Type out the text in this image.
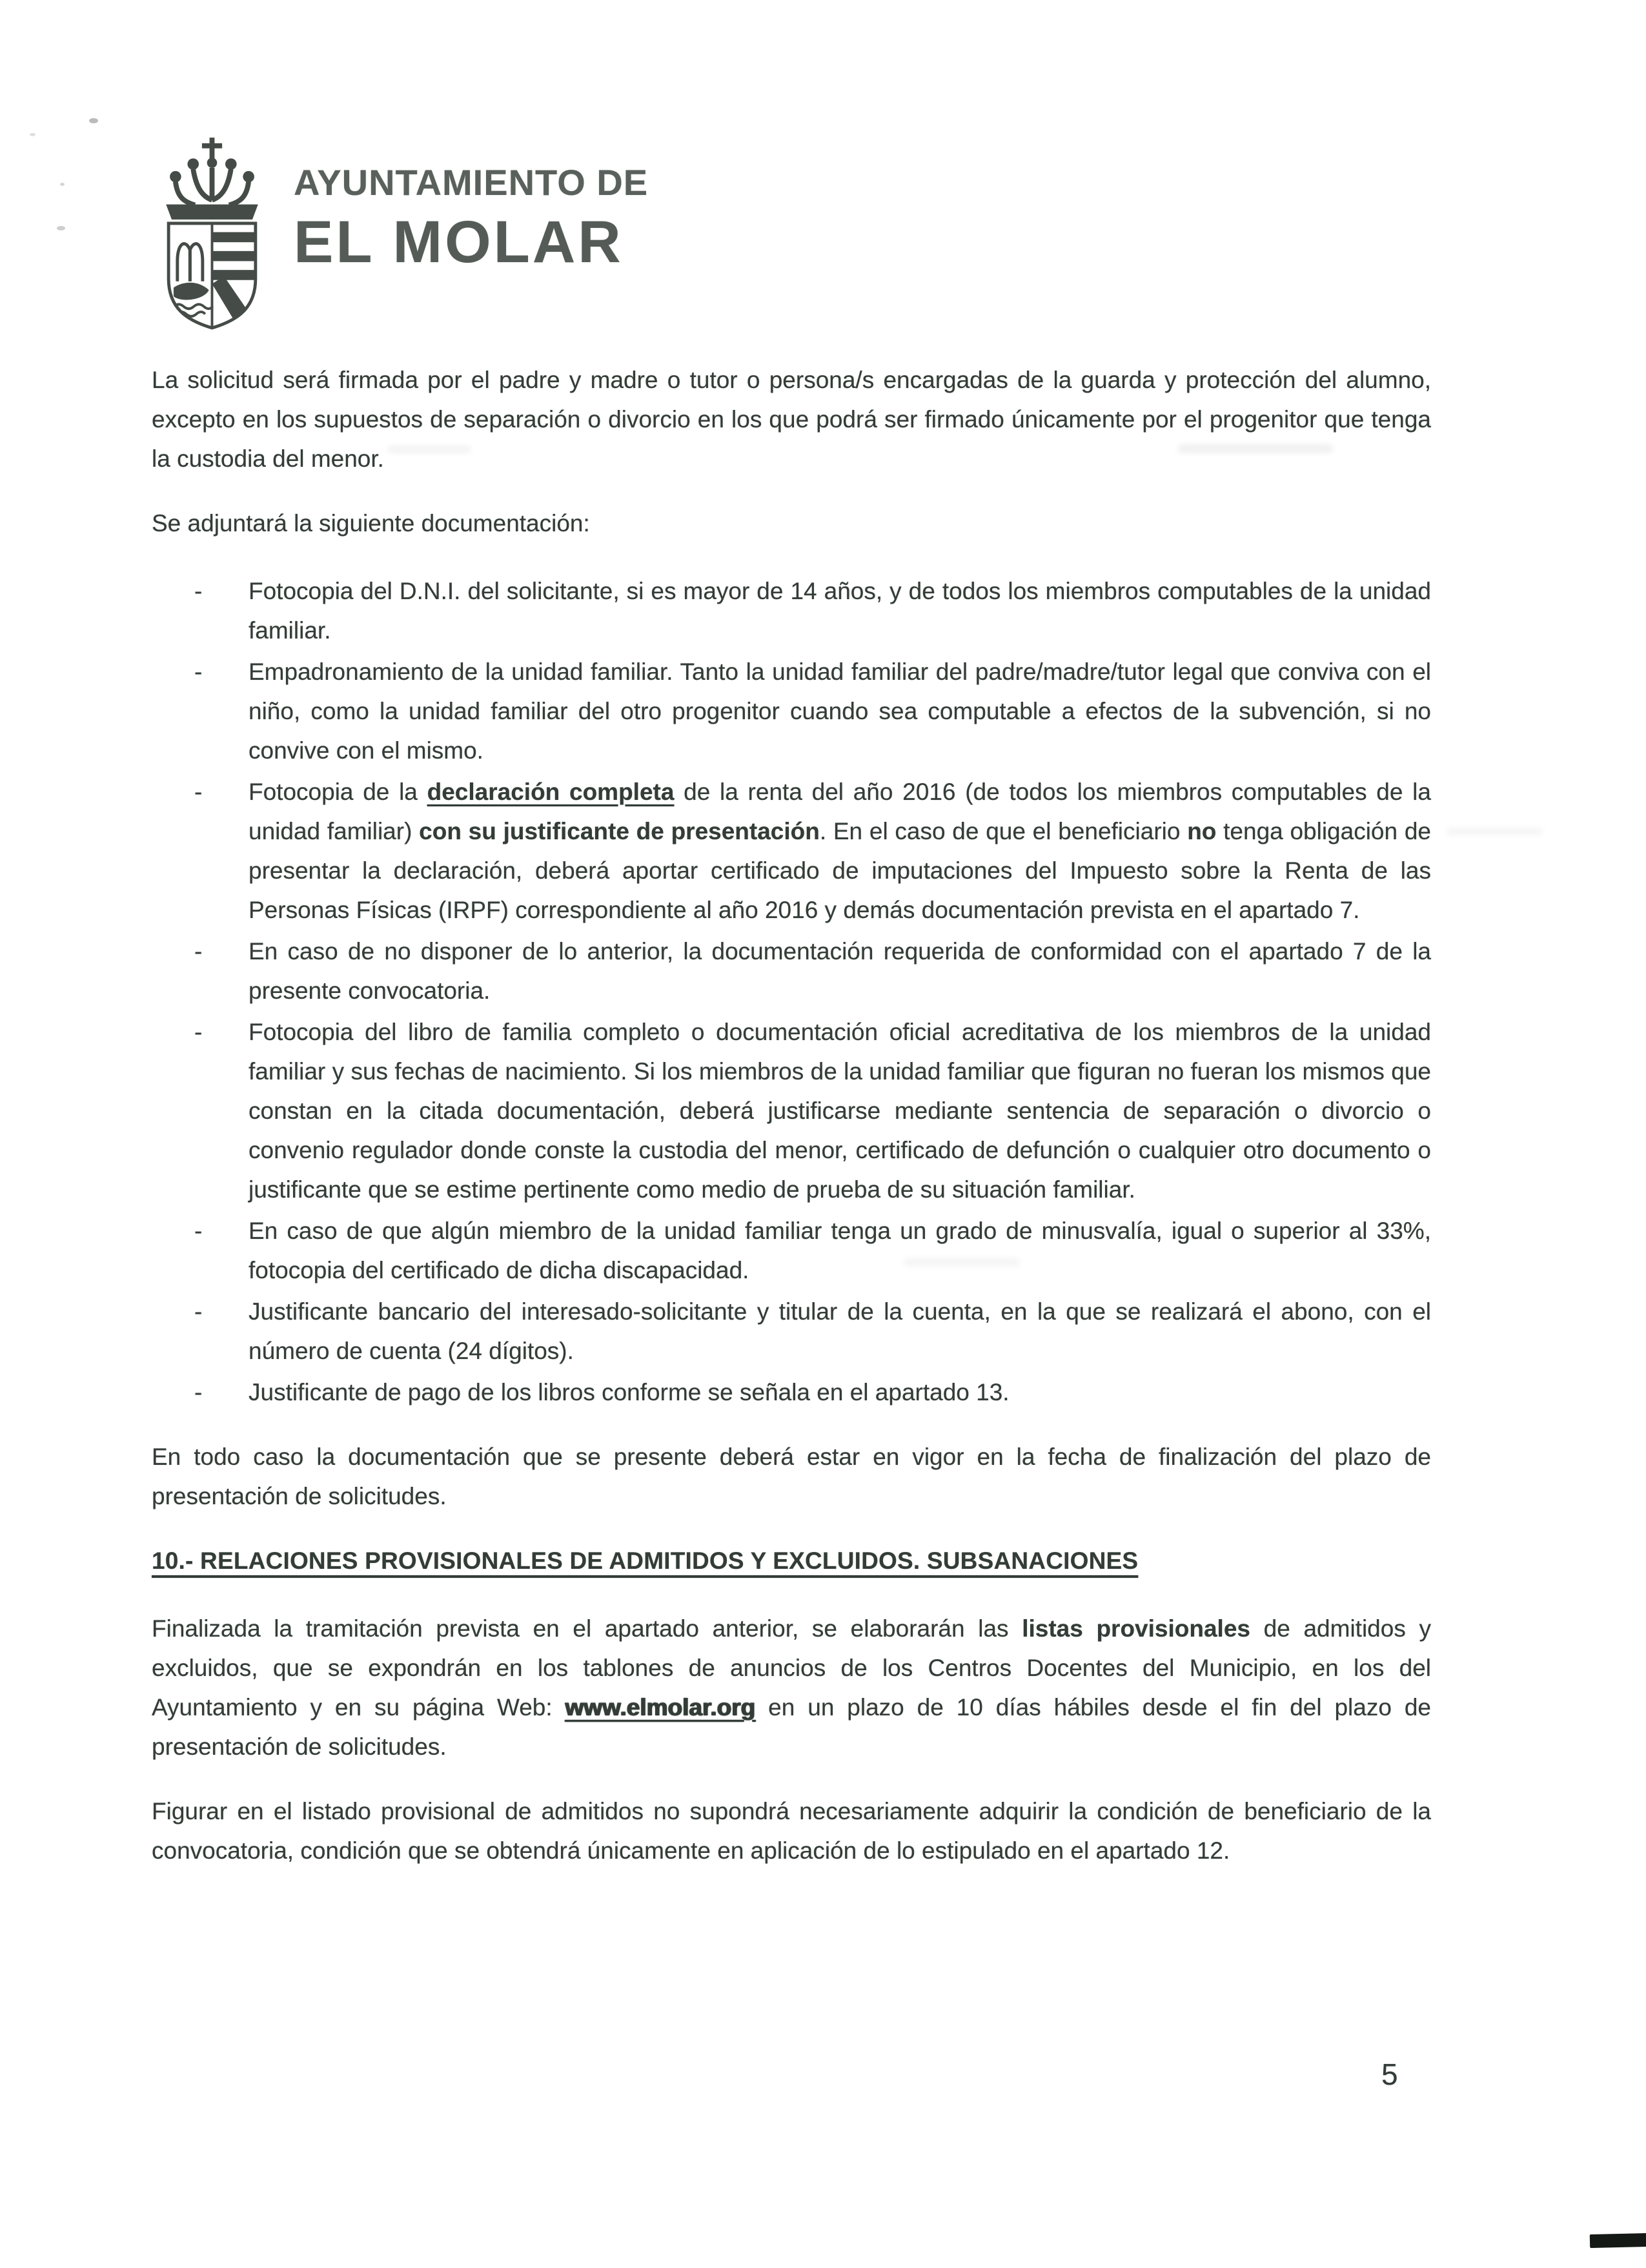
AYUNTAMIENTO DE
EL MOLAR

La solicitud será firmada por el padre y madre o tutor o persona/s encargadas de la guarda y protección del alumno, excepto en los supuestos de separación o divorcio en los que podrá ser firmado únicamente por el progenitor que tenga la custodia del menor.

Se adjuntará la siguiente documentación:

- Fotocopia del D.N.I. del solicitante, si es mayor de 14 años, y de todos los miembros computables de la unidad familiar.
- Empadronamiento de la unidad familiar. Tanto la unidad familiar del padre/madre/tutor legal que conviva con el niño, como la unidad familiar del otro progenitor cuando sea computable a efectos de la subvención, si no convive con el mismo.
- Fotocopia de la declaración completa de la renta del año 2016 (de todos los miembros computables de la unidad familiar) con su justificante de presentación. En el caso de que el beneficiario no tenga obligación de presentar la declaración, deberá aportar certificado de imputaciones del Impuesto sobre la Renta de las Personas Físicas (IRPF) correspondiente al año 2016 y demás documentación prevista en el apartado 7.
- En caso de no disponer de lo anterior, la documentación requerida de conformidad con el apartado 7 de la presente convocatoria.
- Fotocopia del libro de familia completo o documentación oficial acreditativa de los miembros de la unidad familiar y sus fechas de nacimiento. Si los miembros de la unidad familiar que figuran no fueran los mismos que constan en la citada documentación, deberá justificarse mediante sentencia de separación o divorcio o convenio regulador donde conste la custodia del menor, certificado de defunción o cualquier otro documento o justificante que se estime pertinente como medio de prueba de su situación familiar.
- En caso de que algún miembro de la unidad familiar tenga un grado de minusvalía, igual o superior al 33%, fotocopia del certificado de dicha discapacidad.
- Justificante bancario del interesado-solicitante y titular de la cuenta, en la que se realizará el abono, con el número de cuenta (24 dígitos).
- Justificante de pago de los libros conforme se señala en el apartado 13.

En todo caso la documentación que se presente deberá estar en vigor en la fecha de finalización del plazo de presentación de solicitudes.

10.- RELACIONES PROVISIONALES DE ADMITIDOS Y EXCLUIDOS. SUBSANACIONES

Finalizada la tramitación prevista en el apartado anterior, se elaborarán las listas provisionales de admitidos y excluidos, que se expondrán en los tablones de anuncios de los Centros Docentes del Municipio, en los del Ayuntamiento y en su página Web: www.elmolar.org en un plazo de 10 días hábiles desde el fin del plazo de presentación de solicitudes.

Figurar en el listado provisional de admitidos no supondrá necesariamente adquirir la condición de beneficiario de la convocatoria, condición que se obtendrá únicamente en aplicación de lo estipulado en el apartado 12.

5
